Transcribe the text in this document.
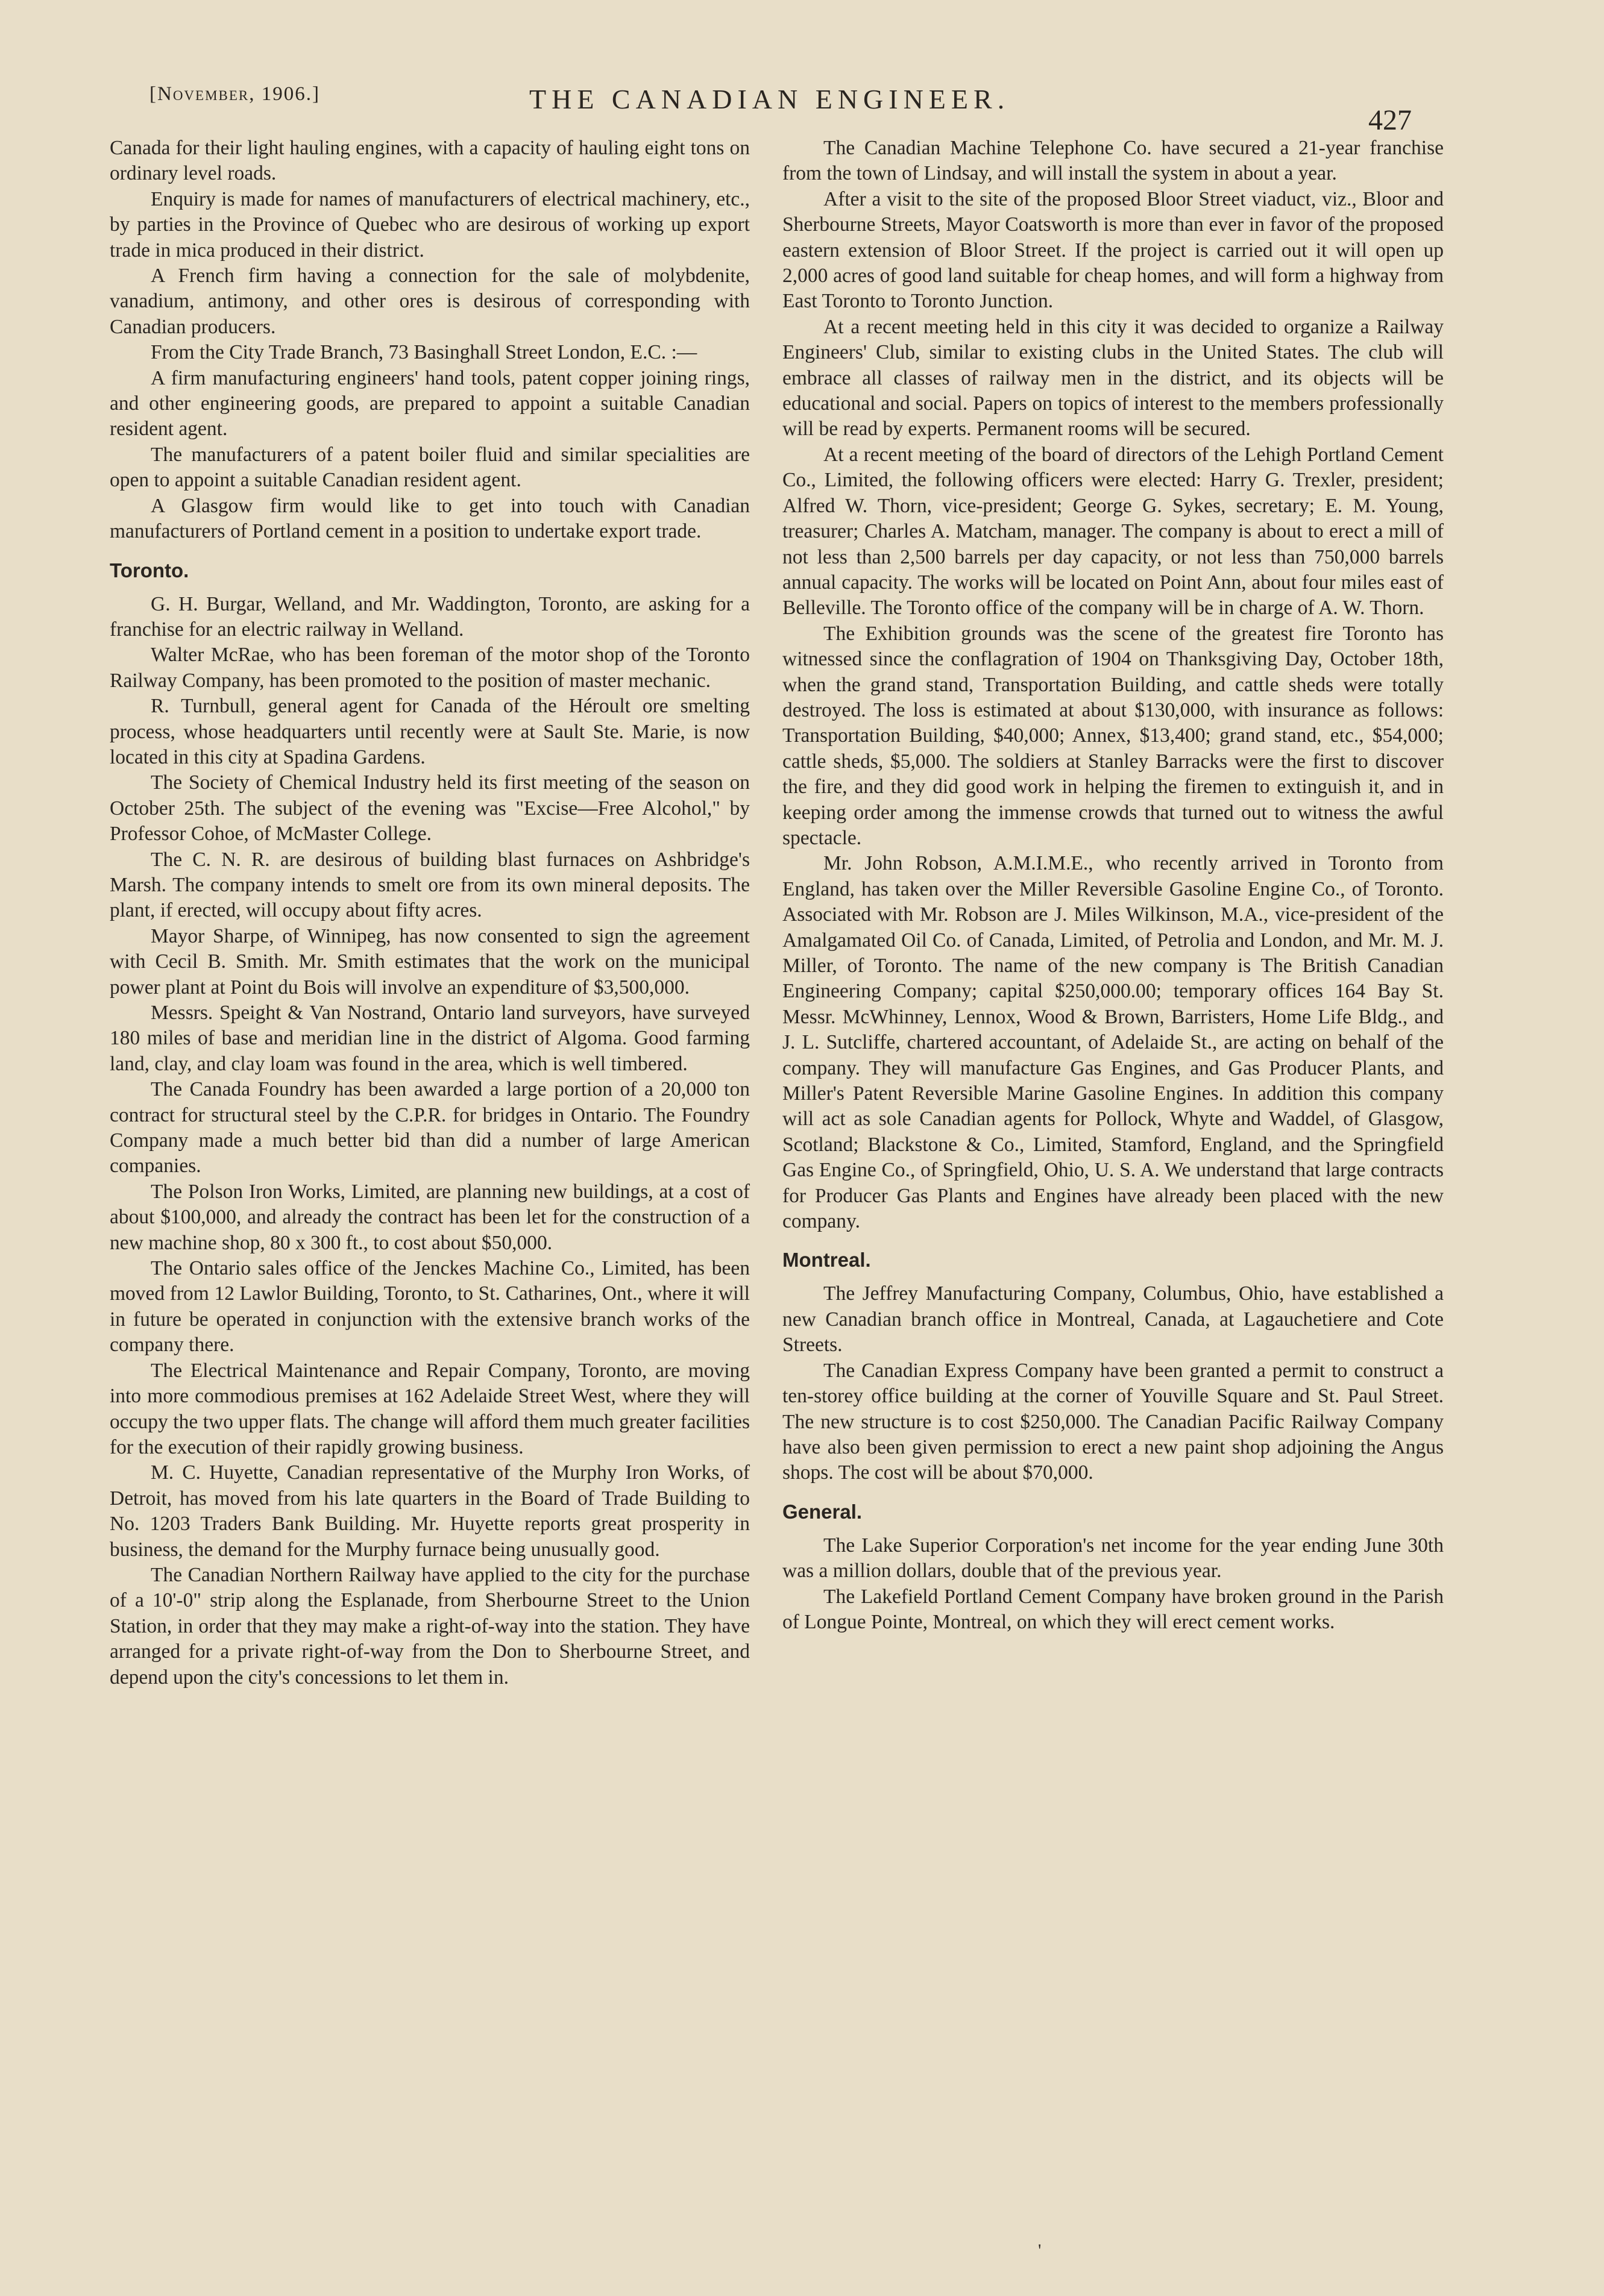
[November, 1906.]	THE CANADIAN ENGINEER.
427

Canada for their light hauling engines, with a capacity of hauling eight tons on ordinary level roads.

Enquiry is made for names of manufacturers of electrical machinery, etc., by parties in the Province of Quebec who are desirous of working up export trade in mica produced in their district.

A French firm having a connection for the sale of molybdenite, vanadium, antimony, and other ores is desirous of corresponding with Canadian producers.

From the City Trade Branch, 73 Basinghall Street London, E.C. :—

A firm manufacturing engineers' hand tools, patent copper joining rings, and other engineering goods, are prepared to appoint a suitable Canadian resident agent.

The manufacturers of a patent boiler fluid and similar specialities are open to appoint a suitable Canadian resident agent.

A Glasgow firm would like to get into touch with Canadian manufacturers of Portland cement in a position to undertake export trade.

Toronto.

G. H. Burgar, Welland, and Mr. Waddington, Toronto, are asking for a franchise for an electric railway in Welland.

Walter McRae, who has been foreman of the motor shop of the Toronto Railway Company, has been promoted to the position of master mechanic.

R. Turnbull, general agent for Canada of the Héroult ore smelting process, whose headquarters until recently were at Sault Ste. Marie, is now located in this city at Spadina Gardens.

The Society of Chemical Industry held its first meeting of the season on October 25th. The subject of the evening was "Excise—Free Alcohol," by Professor Cohoe, of McMaster College.

The C. N. R. are desirous of building blast furnaces on Ashbridge's Marsh. The company intends to smelt ore from its own mineral deposits. The plant, if erected, will occupy about fifty acres.

Mayor Sharpe, of Winnipeg, has now consented to sign the agreement with Cecil B. Smith. Mr. Smith estimates that the work on the municipal power plant at Point du Bois will involve an expenditure of $3,500,000.

Messrs. Speight & Van Nostrand, Ontario land surveyors, have surveyed 180 miles of base and meridian line in the district of Algoma. Good farming land, clay, and clay loam was found in the area, which is well timbered.

The Canada Foundry has been awarded a large portion of a 20,000 ton contract for structural steel by the C.P.R. for bridges in Ontario. The Foundry Company made a much better bid than did a number of large American companies.

The Polson Iron Works, Limited, are planning new buildings, at a cost of about $100,000, and already the contract has been let for the construction of a new machine shop, 80 x 300 ft., to cost about $50,000.

The Ontario sales office of the Jenckes Machine Co., Limited, has been moved from 12 Lawlor Building, Toronto, to St. Catharines, Ont., where it will in future be operated in conjunction with the extensive branch works of the company there.

The Electrical Maintenance and Repair Company, Toronto, are moving into more commodious premises at 162 Adelaide Street West, where they will occupy the two upper flats. The change will afford them much greater facilities for the execution of their rapidly growing business.

M. C. Huyette, Canadian representative of the Murphy Iron Works, of Detroit, has moved from his late quarters in the Board of Trade Building to No. 1203 Traders Bank Building. Mr. Huyette reports great prosperity in business, the demand for the Murphy furnace being unusually good.

The Canadian Northern Railway have applied to the city for the purchase of a 10'-0" strip along the Esplanade, from Sherbourne Street to the Union Station, in order that they may make a right-of-way into the station. They have arranged for a private right-of-way from the Don to Sherbourne Street, and depend upon the city's concessions to let them in.

The Canadian Machine Telephone Co. have secured a 21-year franchise from the town of Lindsay, and will install the system in about a year.

After a visit to the site of the proposed Bloor Street viaduct, viz., Bloor and Sherbourne Streets, Mayor Coatsworth is more than ever in favor of the proposed eastern extension of Bloor Street. If the project is carried out it will open up 2,000 acres of good land suitable for cheap homes, and will form a highway from East Toronto to Toronto Junction.

At a recent meeting held in this city it was decided to organize a Railway Engineers' Club, similar to existing clubs in the United States. The club will embrace all classes of railway men in the district, and its objects will be educational and social. Papers on topics of interest to the members professionally will be read by experts. Permanent rooms will be secured.

At a recent meeting of the board of directors of the Lehigh Portland Cement Co., Limited, the following officers were elected: Harry G. Trexler, president; Alfred W. Thorn, vice-president; George G. Sykes, secretary; E. M. Young, treasurer; Charles A. Matcham, manager. The company is about to erect a mill of not less than 2,500 barrels per day capacity, or not less than 750,000 barrels annual capacity. The works will be located on Point Ann, about four miles east of Belleville. The Toronto office of the company will be in charge of A. W. Thorn.

The Exhibition grounds was the scene of the greatest fire Toronto has witnessed since the conflagration of 1904 on Thanksgiving Day, October 18th, when the grand stand, Transportation Building, and cattle sheds were totally destroyed. The loss is estimated at about $130,000, with insurance as follows: Transportation Building, $40,000; Annex, $13,400; grand stand, etc., $54,000; cattle sheds, $5,000. The soldiers at Stanley Barracks were the first to discover the fire, and they did good work in helping the firemen to extinguish it, and in keeping order among the immense crowds that turned out to witness the awful spectacle.

Mr. John Robson, A.M.I.M.E., who recently arrived in Toronto from England, has taken over the Miller Reversible Gasoline Engine Co., of Toronto. Associated with Mr. Robson are J. Miles Wilkinson, M.A., vice-president of the Amalgamated Oil Co. of Canada, Limited, of Petrolia and London, and Mr. M. J. Miller, of Toronto. The name of the new company is The British Canadian Engineering Company; capital $250,000.00; temporary offices 164 Bay St. Messr. McWhinney, Lennox, Wood & Brown, Barristers, Home Life Bldg., and J. L. Sutcliffe, chartered accountant, of Adelaide St., are acting on behalf of the company. They will manufacture Gas Engines, and Gas Producer Plants, and Miller's Patent Reversible Marine Gasoline Engines. In addition this company will act as sole Canadian agents for Pollock, Whyte and Waddel, of Glasgow, Scotland; Blackstone & Co., Limited, Stamford, England, and the Springfield Gas Engine Co., of Springfield, Ohio, U. S. A. We understand that large contracts for Producer Gas Plants and Engines have already been placed with the new company.

Montreal.

The Jeffrey Manufacturing Company, Columbus, Ohio, have established a new Canadian branch office in Montreal, Canada, at Lagauchetiere and Cote Streets.

The Canadian Express Company have been granted a permit to construct a ten-storey office building at the corner of Youville Square and St. Paul Street. The new structure is to cost $250,000. The Canadian Pacific Railway Company have also been given permission to erect a new paint shop adjoining the Angus shops. The cost will be about $70,000.

General.

The Lake Superior Corporation's net income for the year ending June 30th was a million dollars, double that of the previous year.

The Lakefield Portland Cement Company have broken ground in the Parish of Longue Pointe, Montreal, on which they will erect cement works.

'
